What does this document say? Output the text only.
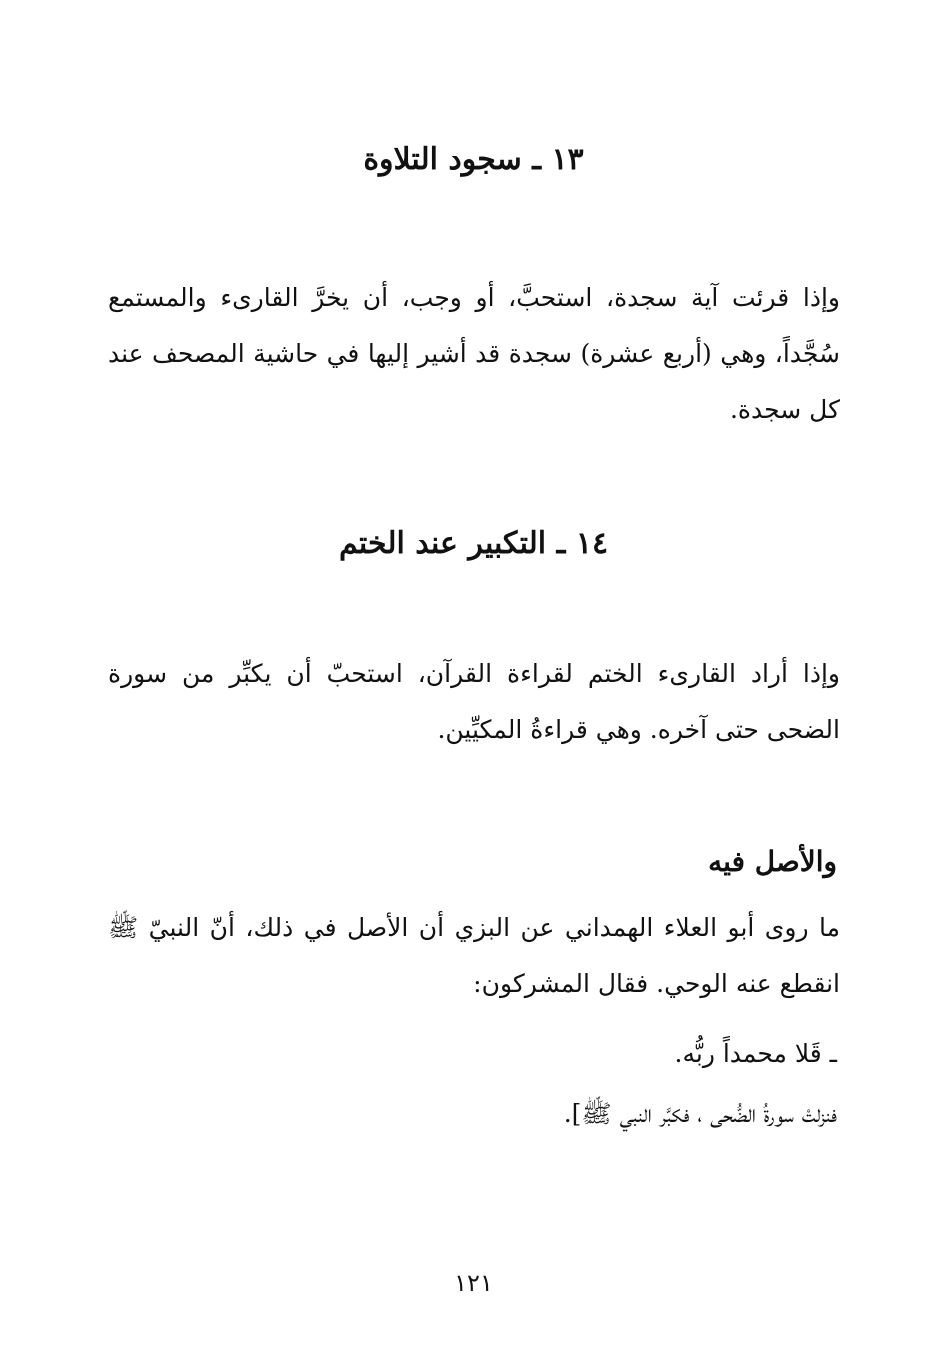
١٣ ـ سجود التلاوة

وإذا قرئت آية سجدة، استحبَّ، أو وجب، أن يخرَّ القارىء والمستمع سُجَّداً، وهي (أربع عشرة) سجدة قد أشير إليها في حاشية المصحف عند كل سجدة.

١٤ ـ التكبير عند الختم

وإذا أراد القارىء الختم لقراءة القرآن، استحبّ أن يكبِّر من سورة الضحى حتى آخره. وهي قراءةُ المكيِّين.

والأصل فيه

ما روى أبو العلاء الهمداني عن البزي أن الأصل في ذلك، أنّ النبيّ ﷺ انقطع عنه الوحي. فقال المشركون:

ـ قَلا محمداً ربُّه.

فنزلتْ سورةُ الضُّحى ، فكبَّر النبي ﷺ].

١٢١
